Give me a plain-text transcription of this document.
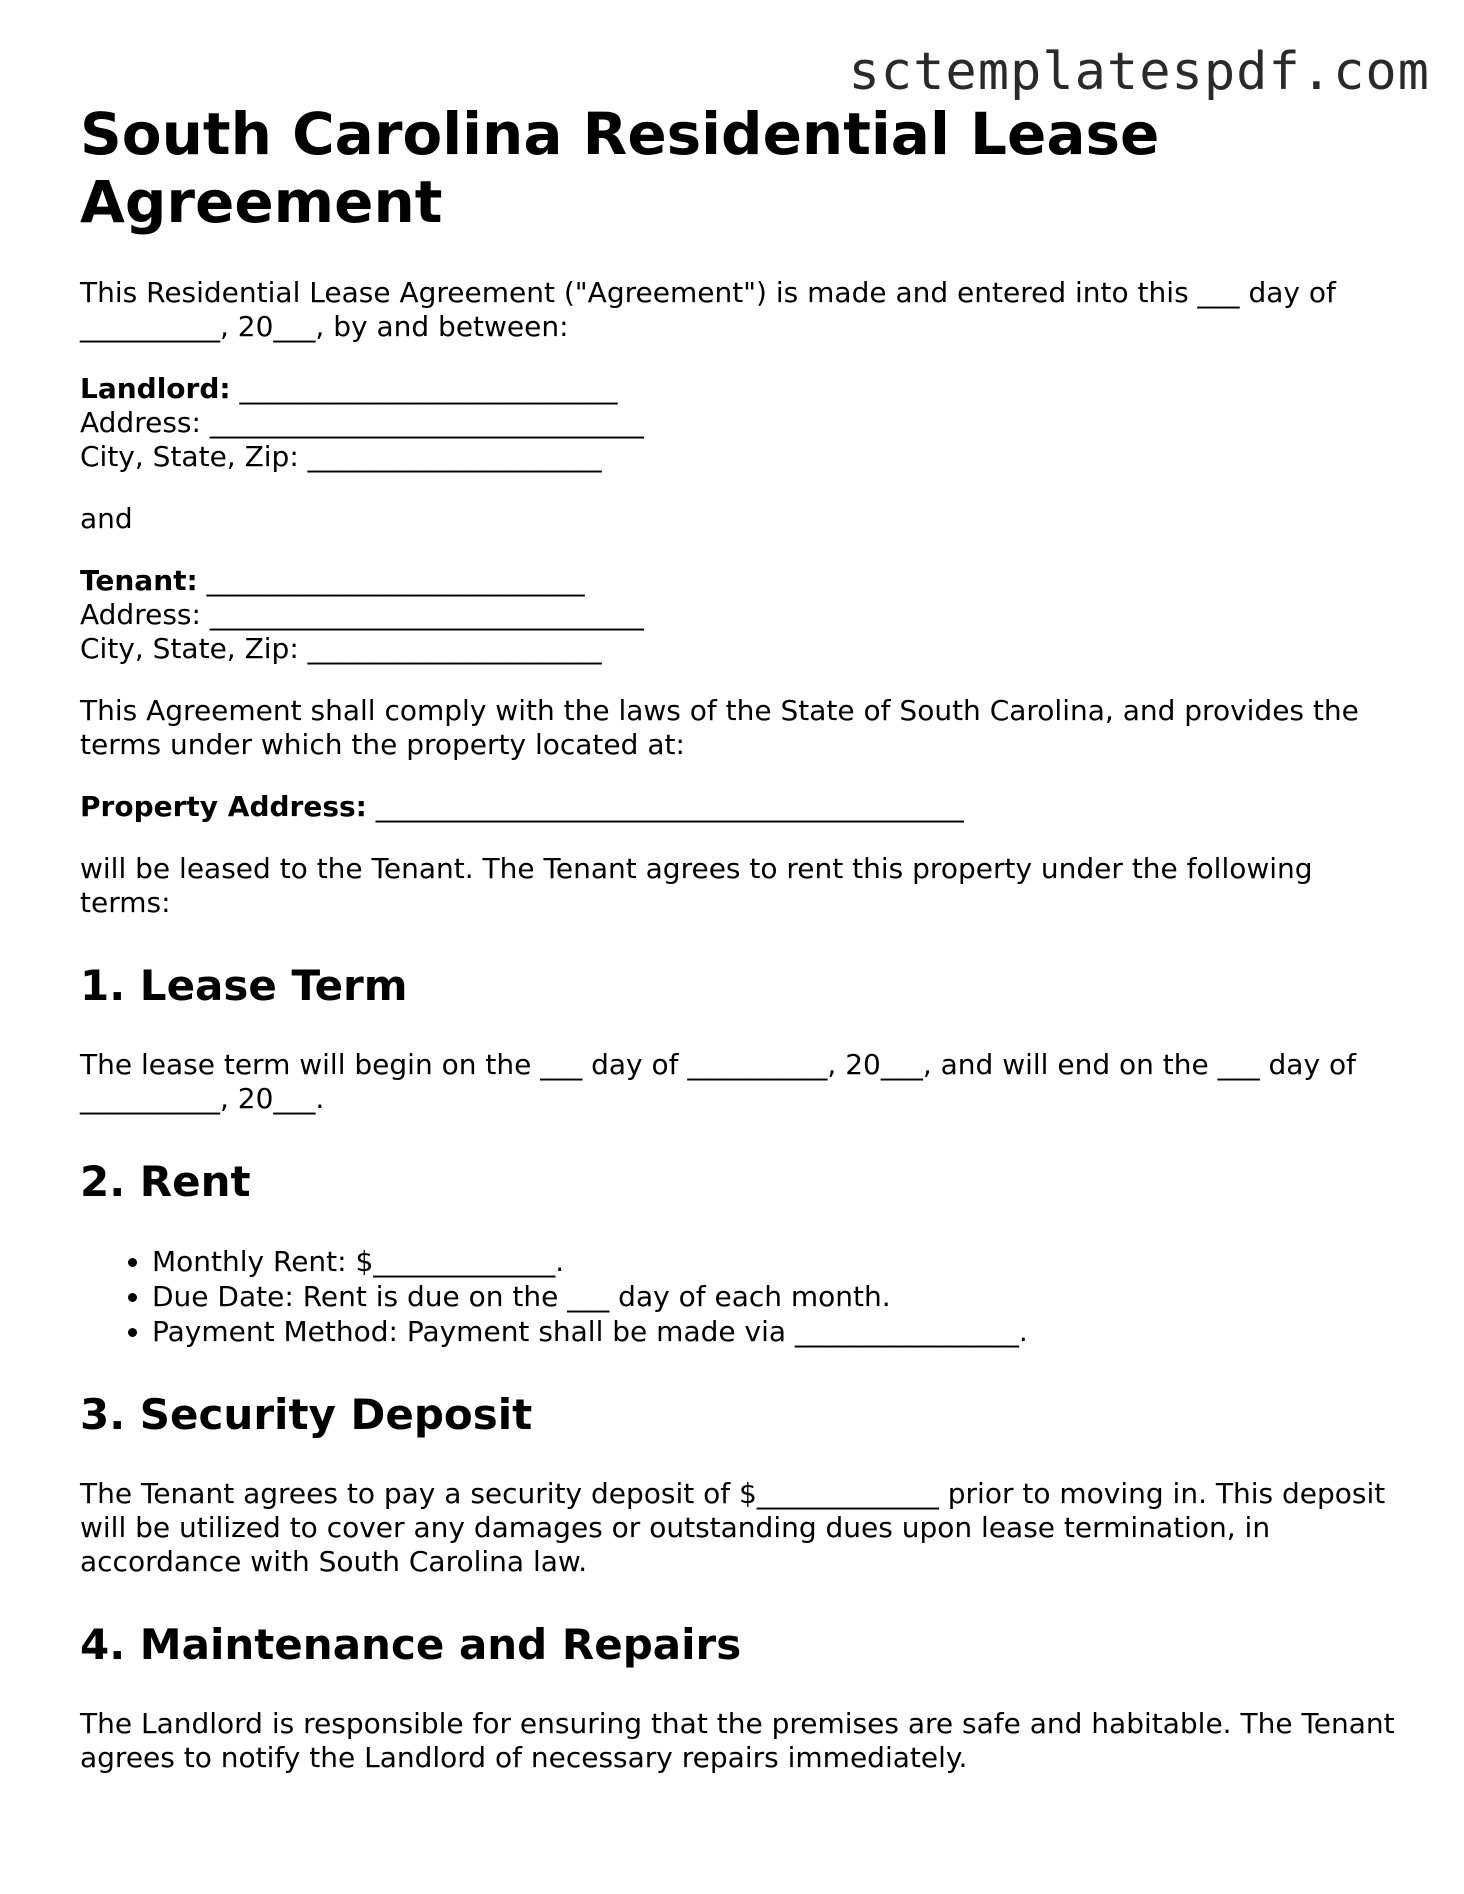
sctemplatespdf.com
South Carolina Residential Lease Agreement

This Residential Lease Agreement ("Agreement") is made and entered into this ___ day of __________, 20___, by and between:

Landlord: ___________________________
Address: _______________________________
City, State, Zip: _____________________

and

Tenant: ___________________________
Address: _______________________________
City, State, Zip: _____________________

This Agreement shall comply with the laws of the State of South Carolina, and provides the terms under which the property located at:

Property Address: __________________________________________

will be leased to the Tenant. The Tenant agrees to rent this property under the following terms:

1. Lease Term

The lease term will begin on the ___ day of __________, 20___, and will end on the ___ day of __________, 20___.

2. Rent
• Monthly Rent: $_____________.
• Due Date: Rent is due on the ___ day of each month.
• Payment Method: Payment shall be made via ________________.
3. Security Deposit

The Tenant agrees to pay a security deposit of $_____________ prior to moving in. This deposit will be utilized to cover any damages or outstanding dues upon lease termination, in accordance with South Carolina law.

4. Maintenance and Repairs

The Landlord is responsible for ensuring that the premises are safe and habitable. The Tenant agrees to notify the Landlord of necessary repairs immediately.
